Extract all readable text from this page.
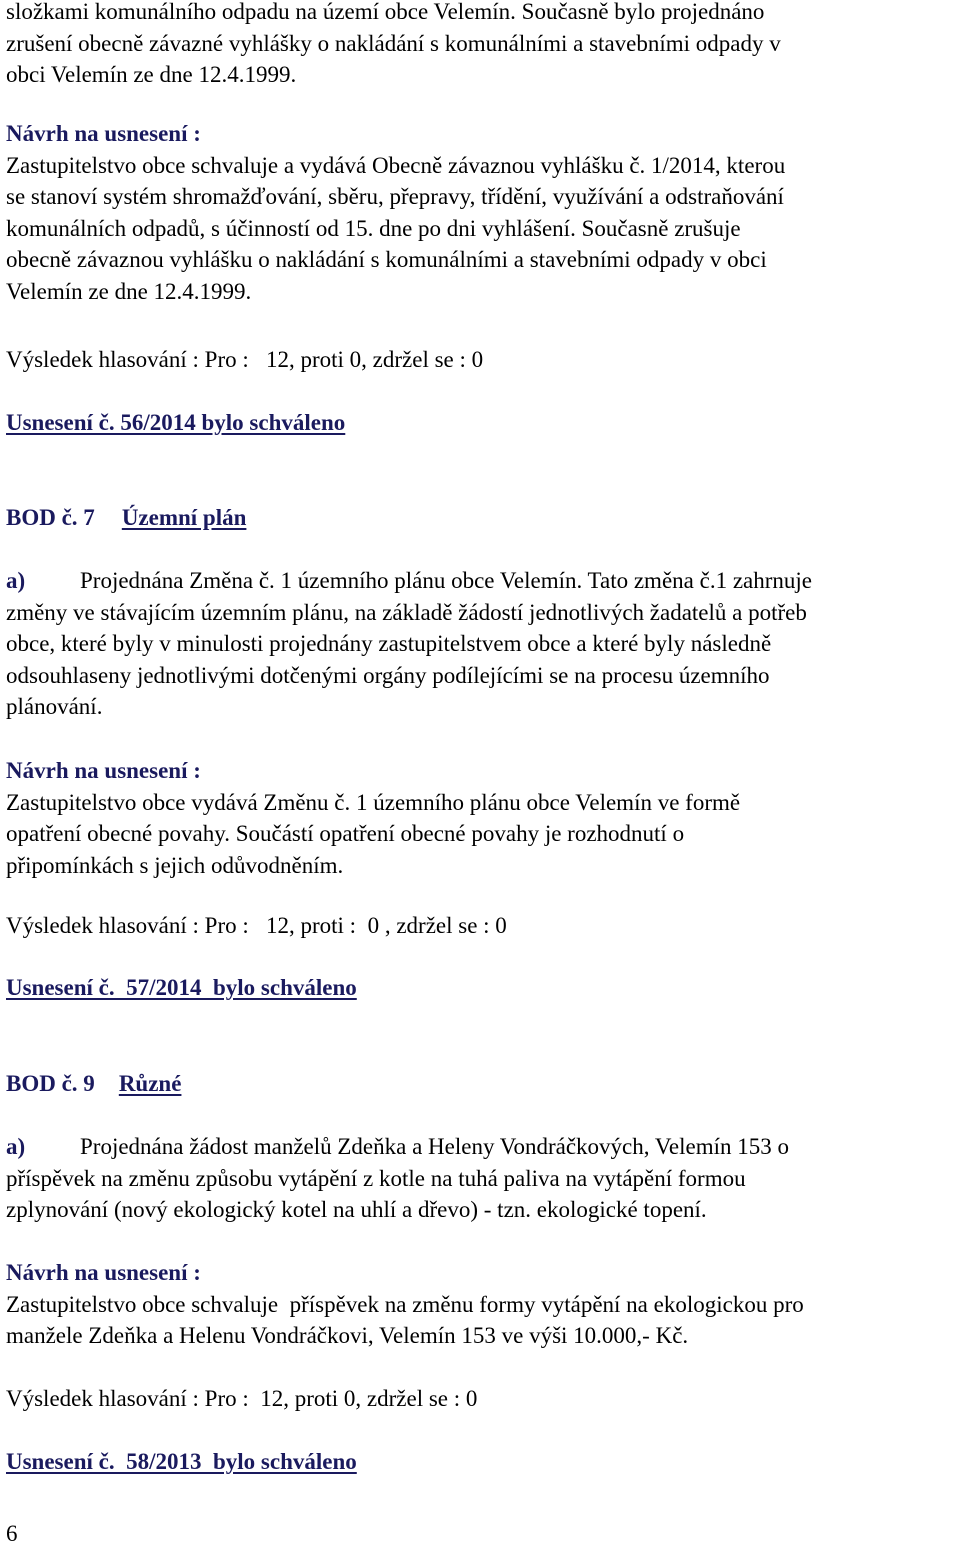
složkami komunálního odpadu na území obce Velemín. Současně bylo projednáno

zrušení obecně závazné vyhlášky o nakládání s komunálními a stavebními odpady v

obci Velemín ze dne 12.4.1999.

Návrh na usnesení :

Zastupitelstvo obce schvaluje a vydává Obecně závaznou vyhlášku č. 1/2014, kterou

se stanoví systém shromažďování, sběru, přepravy, třídění, využívání a odstraňování

komunálních odpadů, s účinností od 15. dne po dni vyhlášení. Současně zrušuje

obecně závaznou vyhlášku o nakládání s komunálními a stavebními odpady v obci

Velemín ze dne 12.4.1999.

Výsledek hlasování : Pro :   12, proti 0, zdržel se : 0

Usnesení č. 56/2014 bylo schváleno

BOD č. 7 Územní plán

a) Projednána Změna č. 1 územního plánu obce Velemín. Tato změna č.1 zahrnuje

změny ve stávajícím územním plánu, na základě žádostí jednotlivých žadatelů a potřeb

obce, které byly v minulosti projednány zastupitelstvem obce a které byly následně

odsouhlaseny jednotlivými dotčenými orgány podílejícími se na procesu územního

plánování.

Návrh na usnesení :

Zastupitelstvo obce vydává Změnu č. 1 územního plánu obce Velemín ve formě

opatření obecné povahy. Součástí opatření obecné povahy je rozhodnutí o

připomínkách s jejich odůvodněním.

Výsledek hlasování : Pro :   12, proti :  0 , zdržel se : 0

Usnesení č.  57/2014  bylo schváleno

BOD č. 9 Různé

a) Projednána žádost manželů Zdeňka a Heleny Vondráčkových, Velemín 153 o

příspěvek na změnu způsobu vytápění z kotle na tuhá paliva na vytápění formou

zplynování (nový ekologický kotel na uhlí a dřevo) - tzn. ekologické topení.

Návrh na usnesení :

Zastupitelstvo obce schvaluje  příspěvek na změnu formy vytápění na ekologickou pro

manžele Zdeňka a Helenu Vondráčkovi, Velemín 153 ve výši 10.000,- Kč.

Výsledek hlasování : Pro :  12, proti 0, zdržel se : 0

Usnesení č.  58/2013  bylo schváleno

6
